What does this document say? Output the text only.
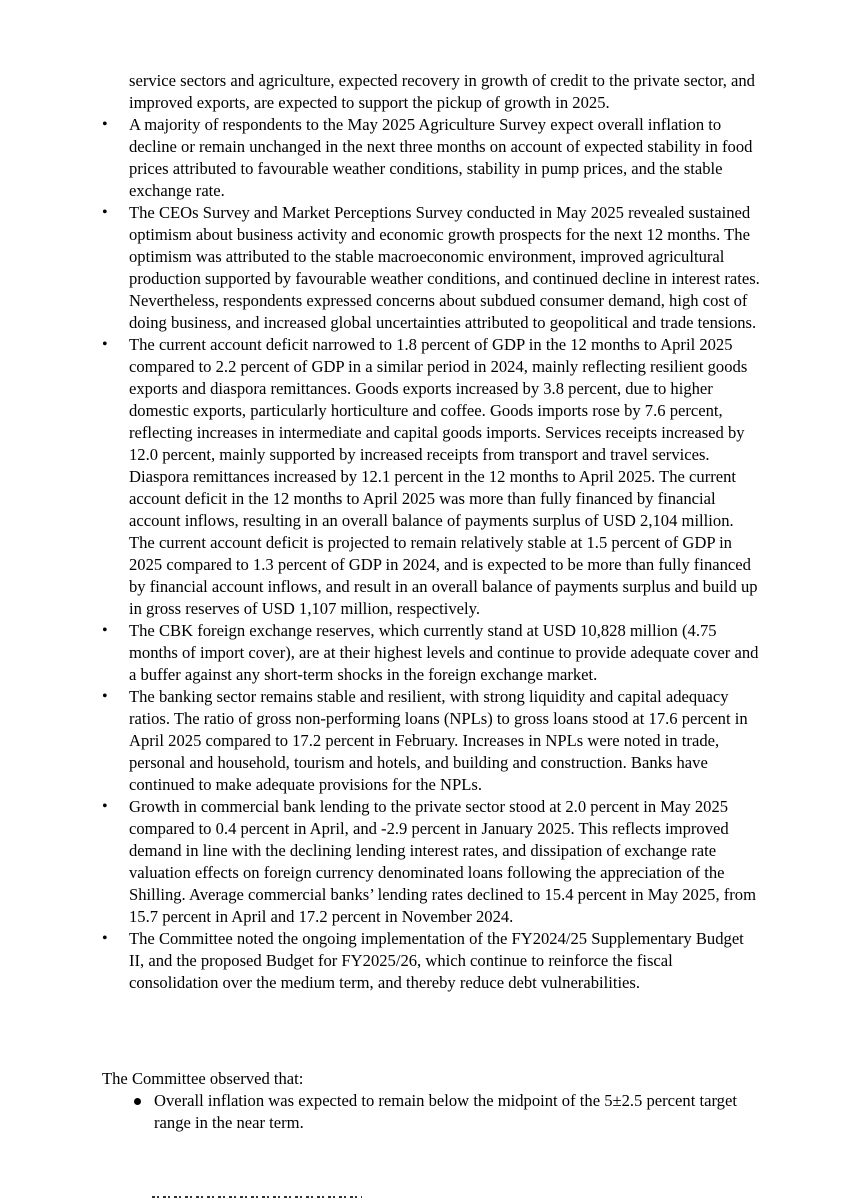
service sectors and agriculture, expected recovery in growth of credit to the private sector, and improved exports, are expected to support the pickup of growth in 2025.
•	A majority of respondents to the May 2025 Agriculture Survey expect overall inflation to decline or remain unchanged in the next three months on account of expected stability in food prices attributed to favourable weather conditions, stability in pump prices, and the stable exchange rate.
•	The CEOs Survey and Market Perceptions Survey conducted in May 2025 revealed sustained optimism about business activity and economic growth prospects for the next 12 months. The optimism was attributed to the stable macroeconomic environment, improved agricultural production supported by favourable weather conditions, and continued decline in interest rates. Nevertheless, respondents expressed concerns about subdued consumer demand, high cost of doing business, and increased global uncertainties attributed to geopolitical and trade tensions.
•	The current account deficit narrowed to 1.8 percent of GDP in the 12 months to April 2025 compared to 2.2 percent of GDP in a similar period in 2024, mainly reflecting resilient goods exports and diaspora remittances. Goods exports increased by 3.8 percent, due to higher domestic exports, particularly horticulture and coffee. Goods imports rose by 7.6 percent, reflecting increases in intermediate and capital goods imports. Services receipts increased by 12.0 percent, mainly supported by increased receipts from transport and travel services. Diaspora remittances increased by 12.1 percent in the 12 months to April 2025. The current account deficit in the 12 months to April 2025 was more than fully financed by financial account inflows, resulting in an overall balance of payments surplus of USD 2,104 million. The current account deficit is projected to remain relatively stable at 1.5 percent of GDP in 2025 compared to 1.3 percent of GDP in 2024, and is expected to be more than fully financed by financial account inflows, and result in an overall balance of payments surplus and build up in gross reserves of USD 1,107 million, respectively.
•	The CBK foreign exchange reserves, which currently stand at USD 10,828 million (4.75 months of import cover), are at their highest levels and continue to provide adequate cover and a buffer against any short-term shocks in the foreign exchange market.
•	The banking sector remains stable and resilient, with strong liquidity and capital adequacy ratios. The ratio of gross non-performing loans (NPLs) to gross loans stood at 17.6 percent in April 2025 compared to 17.2 percent in February. Increases in NPLs were noted in trade, personal and household, tourism and hotels, and building and construction. Banks have continued to make adequate provisions for the NPLs.
•	Growth in commercial bank lending to the private sector stood at 2.0 percent in May 2025 compared to 0.4 percent in April, and -2.9 percent in January 2025. This reflects improved demand in line with the declining lending interest rates, and dissipation of exchange rate valuation effects on foreign currency denominated loans following the appreciation of the Shilling. Average commercial banks’ lending rates declined to 15.4 percent in May 2025, from 15.7 percent in April and 17.2 percent in November 2024.
•	The Committee noted the ongoing implementation of the FY2024/25 Supplementary Budget II, and the proposed Budget for FY2025/26, which continue to reinforce the fiscal consolidation over the medium term, and thereby reduce debt vulnerabilities.

The Committee observed that:

Overall inflation was expected to remain below the midpoint of the 5±2.5 percent target range in the near term.
